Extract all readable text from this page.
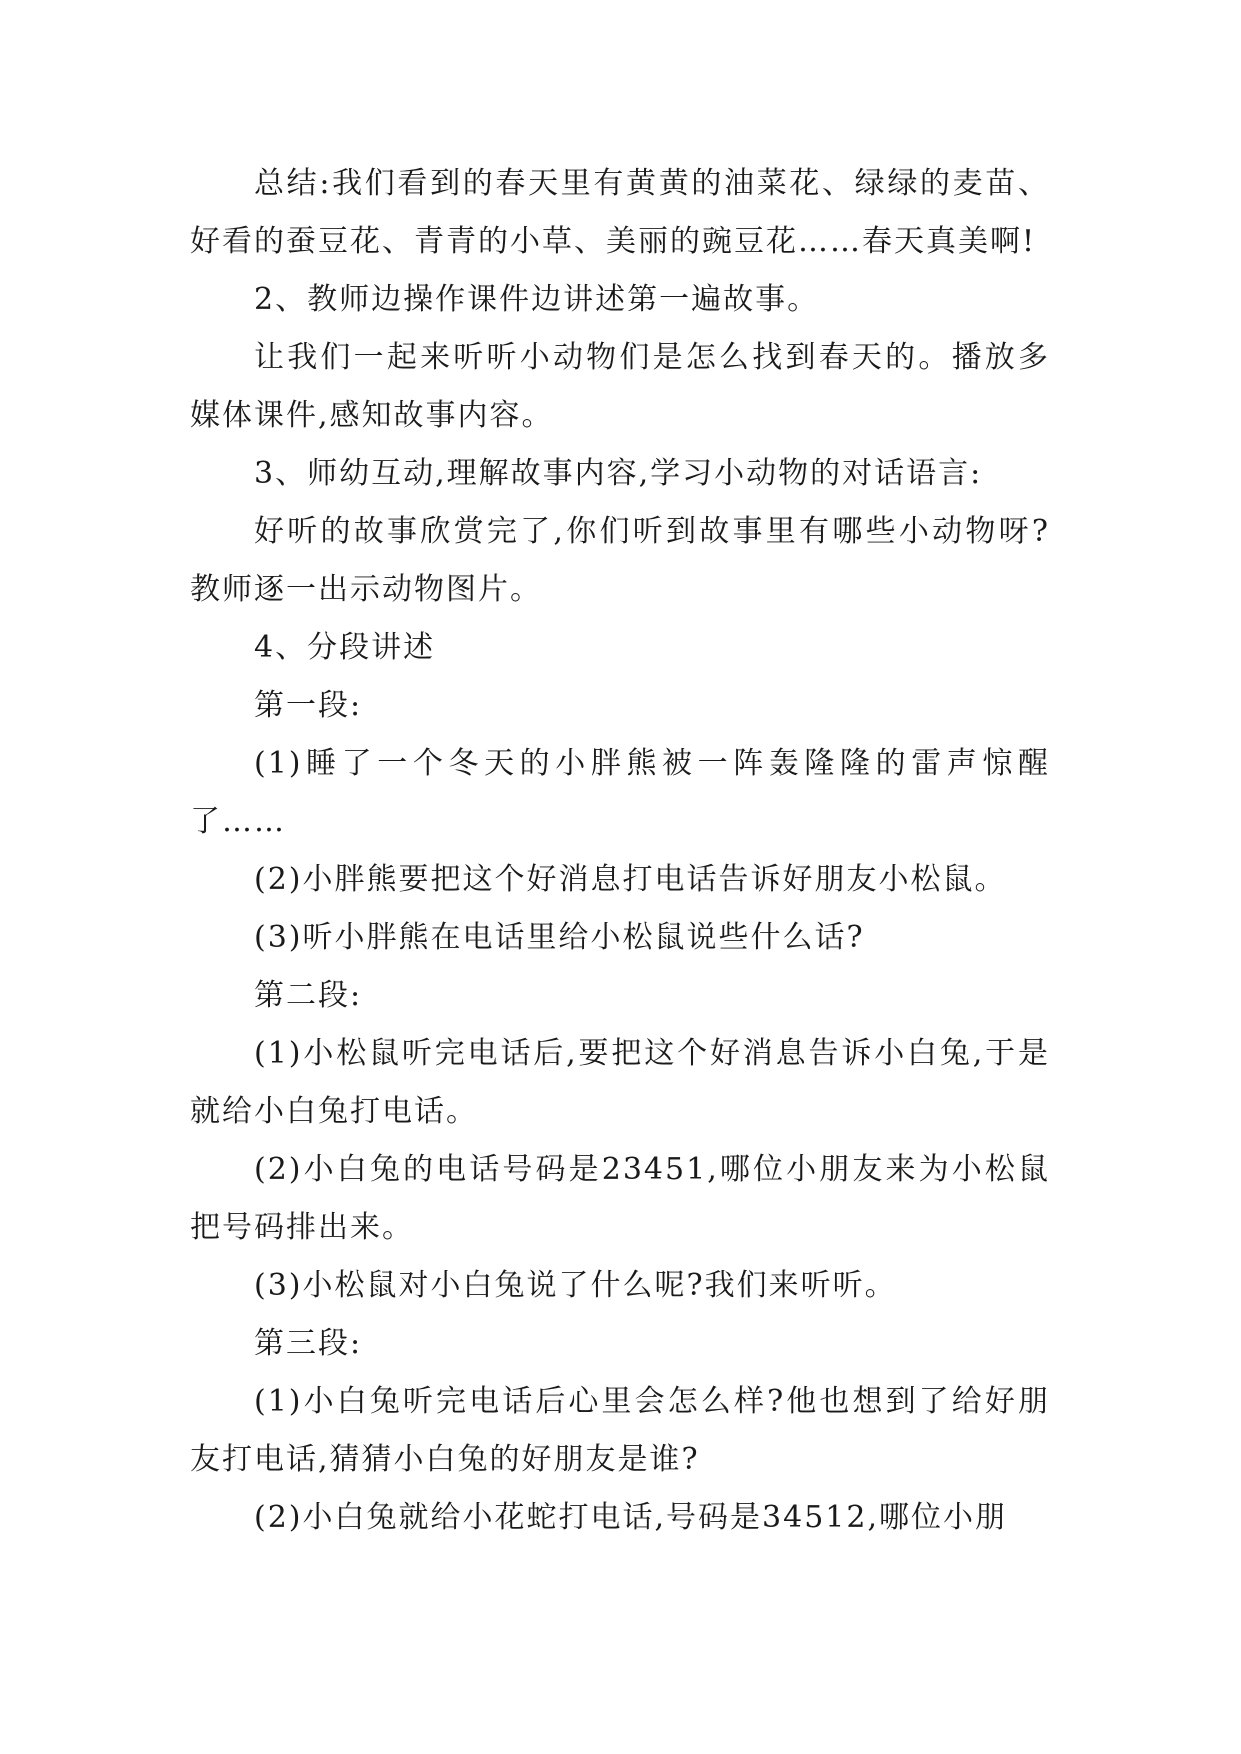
总结:我们看到的春天里有黄黄的油菜花、绿绿的麦苗、好看的蚕豆花、青青的小草、美丽的豌豆花……春天真美啊!

2、教师边操作课件边讲述第一遍故事。

让我们一起来听听小动物们是怎么找到春天的。播放多媒体课件,感知故事内容。

3、师幼互动,理解故事内容,学习小动物的对话语言:

好听的故事欣赏完了,你们听到故事里有哪些小动物呀?教师逐一出示动物图片。

4、分段讲述

第一段:

(1)睡了一个冬天的小胖熊被一阵轰隆隆的雷声惊醒了……

(2)小胖熊要把这个好消息打电话告诉好朋友小松鼠。

(3)听小胖熊在电话里给小松鼠说些什么话?

第二段:

(1)小松鼠听完电话后,要把这个好消息告诉小白兔,于是就给小白兔打电话。

(2)小白兔的电话号码是23451,哪位小朋友来为小松鼠把号码排出来。

(3)小松鼠对小白兔说了什么呢?我们来听听。

第三段:

(1)小白兔听完电话后心里会怎么样?他也想到了给好朋友打电话,猜猜小白兔的好朋友是谁?

(2)小白兔就给小花蛇打电话,号码是34512,哪位小朋
